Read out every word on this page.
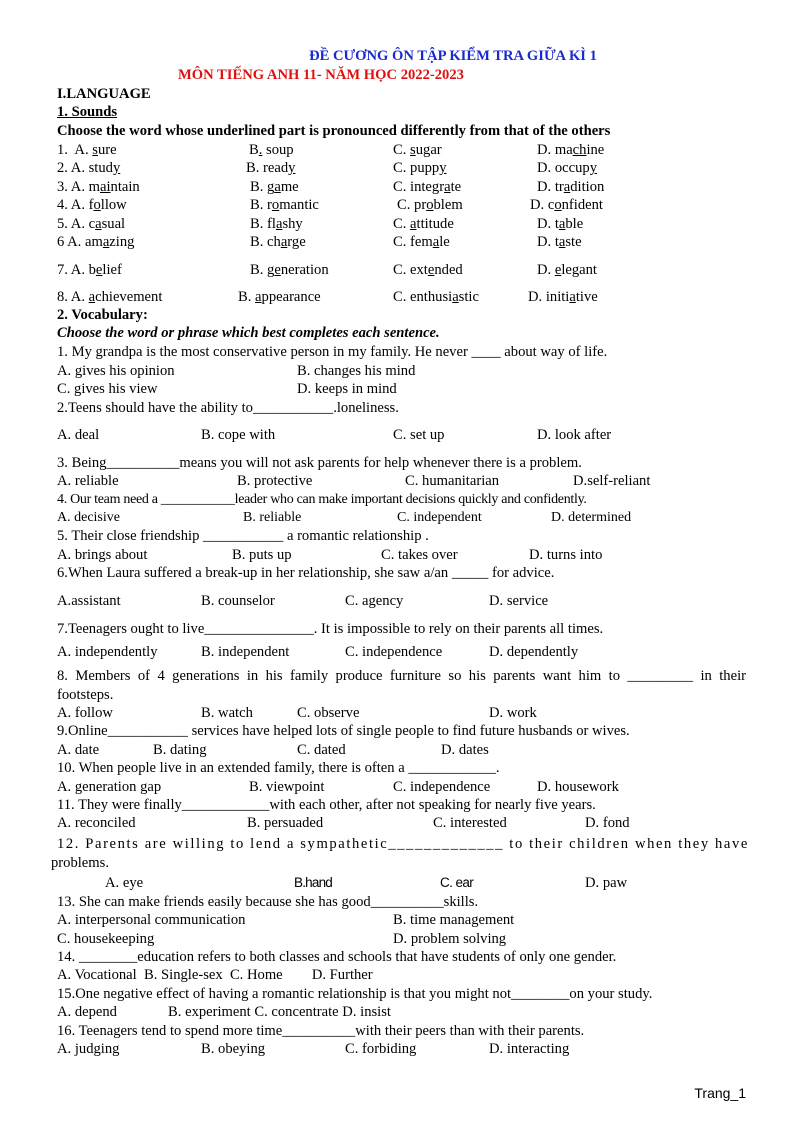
ĐỀ CƯƠNG ÔN TẬP KIỂM TRA GIỮA KÌ 1
MÔN TIẾNG ANH 11- NĂM HỌC 2022-2023
I.LANGUAGE
1. Sounds
Choose the word whose underlined part is pronounced differently from that of the others
1.  A. sure	B. soup	C. sugar	D. machine
2. A. study	B. ready	C. puppy	D. occupy
3. A. maintain	B. game	C. integrate	D. tradition
4. A. follow	B. romantic	C. problem	D. confident
5. A. casual	B. flashy	C. attitude	D. table
6 A. amazing	B. charge	C. female	D. taste
7. A. belief	B. generation	C. extended	D. elegant
8. A. achievement	B. appearance	C. enthusiastic	D. initiative
2. Vocabulary:
Choose the word or phrase which best completes each sentence.
1. My grandpa is the most conservative person in my family. He never ____ about way of life.
A. gives his opinion	B. changes his mind
C. gives his view	D. keeps in mind
2.Teens should have the ability to___________.loneliness.
A. deal	B. cope with	C. set up	D. look after
3. Being__________means you will not ask parents for help whenever there is a problem.
A. reliable	B. protective	C. humanitarian	D.self-reliant
4. Our team need a ___________leader who can make important decisions quickly and confidently.
A. decisive	B. reliable	C. independent	D. determined
5. Their close friendship ___________ a romantic relationship .
A. brings about	B. puts up	C. takes over	D. turns into
6.When Laura suffered a break-up in her relationship, she saw a/an _____ for advice.
A.assistant	B. counselor	C. agency	D. service
7.Teenagers ought to live_______________. It is impossible to rely on their parents all times.
A. independently	B. independent	C. independence	D. dependently
8. Members of 4 generations in his family produce furniture so his parents want him to _________ in their
footsteps.
A. follow	B. watch	C. observe	D. work
9.Online___________ services have helped lots of single people to find future husbands or wives.
A. date	B. dating	C. dated	D. dates
10. When people live in an extended family, there is often a ____________.
A. generation gap	B. viewpoint	C. independence	D. housework
11. They were finally____________with each other, after not speaking for nearly five years.
A. reconciled	B. persuaded	C. interested	D. fond
12. Parents are willing to lend a sympathetic_____________ to their children when they have
problems.
A. eye	B.hand	C. ear	D. paw
13. She can make friends easily because she has good__________skills.
A. interpersonal communication	B. time management
C. housekeeping	D. problem solving
14. ________education refers to both classes and schools that have students of only one gender.
A. Vocational  B. Single-sex  C. Home        D. Further
15.One negative effect of having a romantic relationship is that you might not________on your study.
A. depend              B. experiment C. concentrate D. insist
16. Teenagers tend to spend more time__________with their peers than with their parents.
A. judging	B. obeying	C. forbiding	D. interacting
Trang_1
